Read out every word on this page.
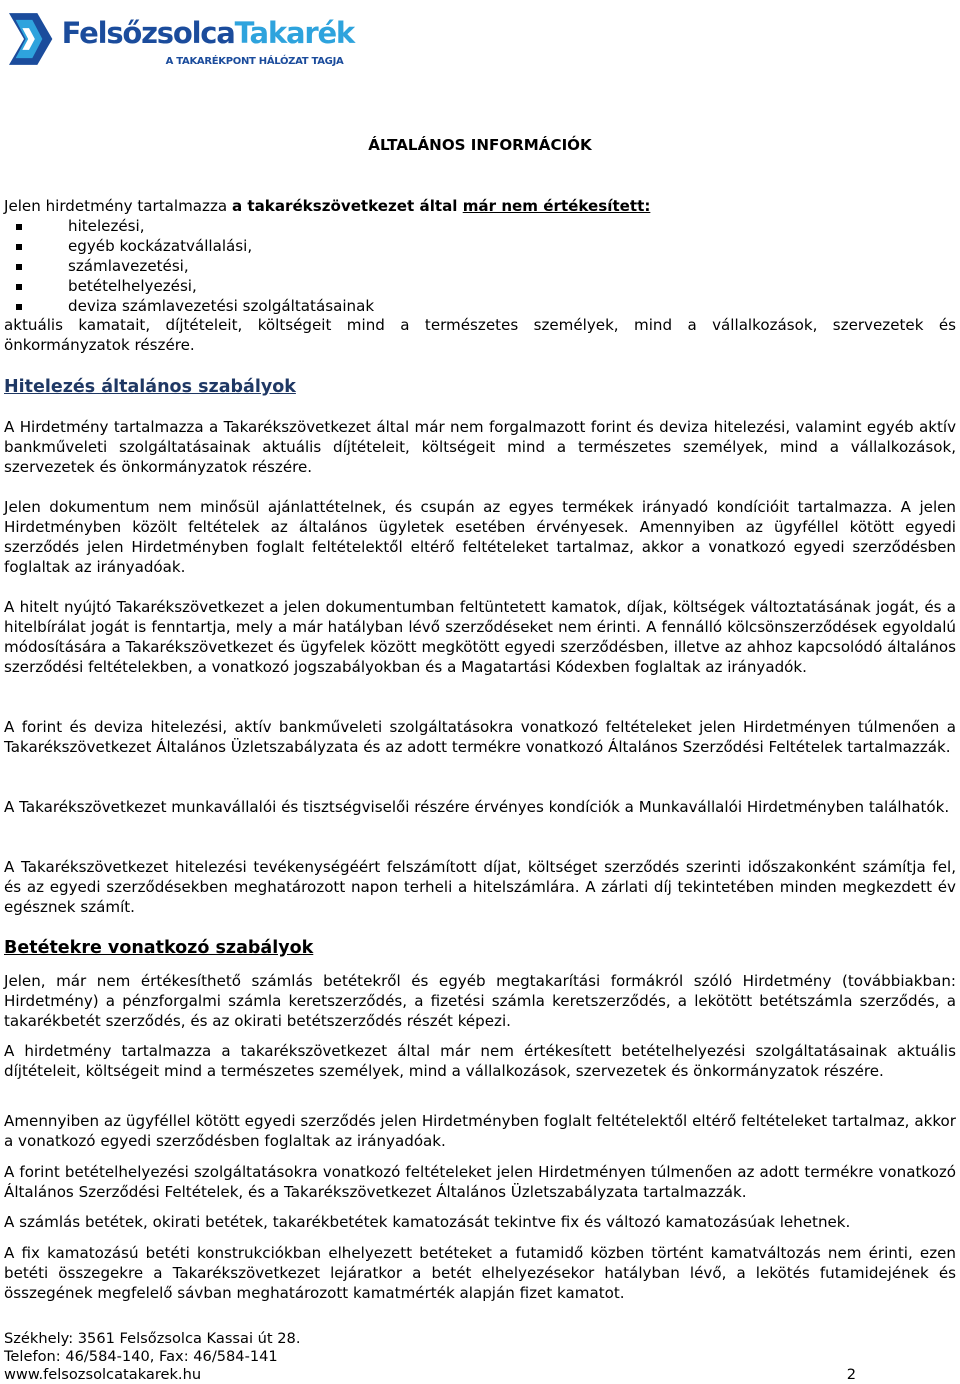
FelsőzsolcaTakarék
A TAKARÉKPONT HÁLÓZAT TAGJA
ÁLTALÁNOS INFORMÁCIÓK

Jelen hirdetmény tartalmazza a takarékszövetkezet által már nem értékesített:

hitelezési,
egyéb kockázatvállalási,
számlavezetési,
betételhelyezési,
deviza számlavezetési szolgáltatásainak

aktuális kamatait, díjtételeit, költségeit mind a természetes személyek, mind a vállalkozások, szervezetek és önkormányzatok részére.

Hitelezés általános szabályok

A Hirdetmény tartalmazza a Takarékszövetkezet által már nem forgalmazott forint és deviza hitelezési, valamint egyéb aktív bankműveleti szolgáltatásainak aktuális díjtételeit, költségeit mind a természetes személyek, mind a vállalkozások, szervezetek és önkormányzatok részére.

Jelen dokumentum nem minősül ajánlattételnek, és csupán az egyes termékek irányadó kondícióit tartalmazza. A jelen Hirdetményben közölt feltételek az általános ügyletek esetében érvényesek. Amennyiben az ügyféllel kötött egyedi szerződés jelen Hirdetményben foglalt feltételektől eltérő feltételeket tartalmaz, akkor a vonatkozó egyedi szerződésben foglaltak az irányadóak.

A hitelt nyújtó Takarékszövetkezet a jelen dokumentumban feltüntetett kamatok, díjak, költségek változtatásának jogát, és a hitelbírálat jogát is fenntartja, mely a már hatályban lévő szerződéseket nem érinti. A fennálló kölcsönszerződések egyoldalú módosítására a Takarékszövetkezet és ügyfelek között megkötött egyedi szerződésben, illetve az ahhoz kapcsolódó általános szerződési feltételekben, a vonatkozó jogszabályokban és a Magatartási Kódexben foglaltak az irányadók.

A forint és deviza hitelezési, aktív bankműveleti szolgáltatásokra vonatkozó feltételeket jelen Hirdetményen túlmenően a Takarékszövetkezet Általános Üzletszabályzata és az adott termékre vonatkozó Általános Szerződési Feltételek tartalmazzák.

A Takarékszövetkezet munkavállalói és tisztségviselői részére érvényes kondíciók a Munkavállalói Hirdetményben találhatók.

A Takarékszövetkezet hitelezési tevékenységéért felszámított díjat, költséget szerződés szerinti időszakonként számítja fel, és az egyedi szerződésekben meghatározott napon terheli a hitelszámlára. A zárlati díj tekintetében minden megkezdett év egésznek számít.

Betétekre vonatkozó szabályok

Jelen, már nem értékesíthető számlás betétekről és egyéb megtakarítási formákról szóló Hirdetmény (továbbiakban: Hirdetmény) a pénzforgalmi számla keretszerződés, a fizetési számla keretszerződés, a lekötött betétszámla szerződés, a takarékbetét szerződés, és az okirati betétszerződés részét képezi.

A hirdetmény tartalmazza a takarékszövetkezet által már nem értékesített betételhelyezési szolgáltatásainak aktuális díjtételeit, költségeit mind a természetes személyek, mind a vállalkozások, szervezetek és önkormányzatok részére.

Amennyiben az ügyféllel kötött egyedi szerződés jelen Hirdetményben foglalt feltételektől eltérő feltételeket tartalmaz, akkor a vonatkozó egyedi szerződésben foglaltak az irányadóak.

A forint betételhelyezési szolgáltatásokra vonatkozó feltételeket jelen Hirdetményen túlmenően az adott termékre vonatkozó Általános Szerződési Feltételek, és a Takarékszövetkezet Általános Üzletszabályzata tartalmazzák.

A számlás betétek, okirati betétek, takarékbetétek kamatozását tekintve fix és változó kamatozásúak lehetnek.

A fix kamatozású betéti konstrukciókban elhelyezett betéteket a futamidő közben történt kamatváltozás nem érinti, ezen betéti összegekre a Takarékszövetkezet lejáratkor a betét elhelyezésekor hatályban lévő, a lekötés futamidejének és összegének megfelelő sávban meghatározott kamatmérték alapján fizet kamatot.

Székhely: 3561 Felsőzsolca Kassai út 28.
Telefon: 46/584-140, Fax: 46/584-141
www.felsozsolcatakarek.hu	2
